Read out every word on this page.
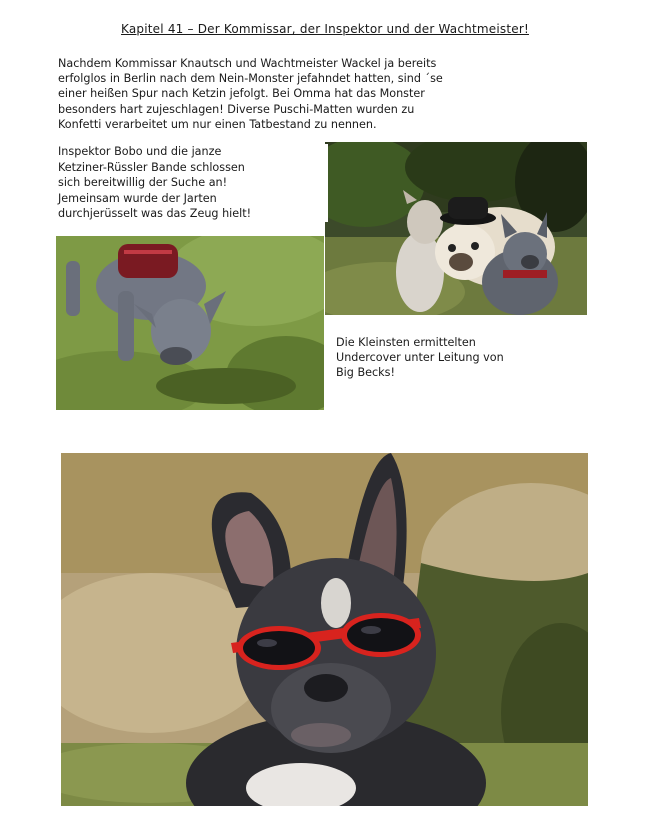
Kapitel 41 – Der Kommissar, der Inspektor und der Wachtmeister!
Nachdem Kommissar Knautsch und Wachtmeister Wackel ja bereits
erfolglos in Berlin nach dem Nein-Monster jefahndet hatten, sind ´se
einer heißen Spur nach Ketzin jefolgt. Bei Omma hat das Monster
besonders hart zujeschlagen! Diverse Puschi-Matten wurden zu
Konfetti verarbeitet um nur einen Tatbestand zu nennen.
Inspektor Bobo und die janze
Ketziner-Rüssler Bande schlossen
sich bereitwillig der Suche an!
Jemeinsam wurde der Jarten
durchjerüsselt was das Zeug hielt!
Die Kleinsten ermittelten
Undercover unter Leitung von
Big Becks!
